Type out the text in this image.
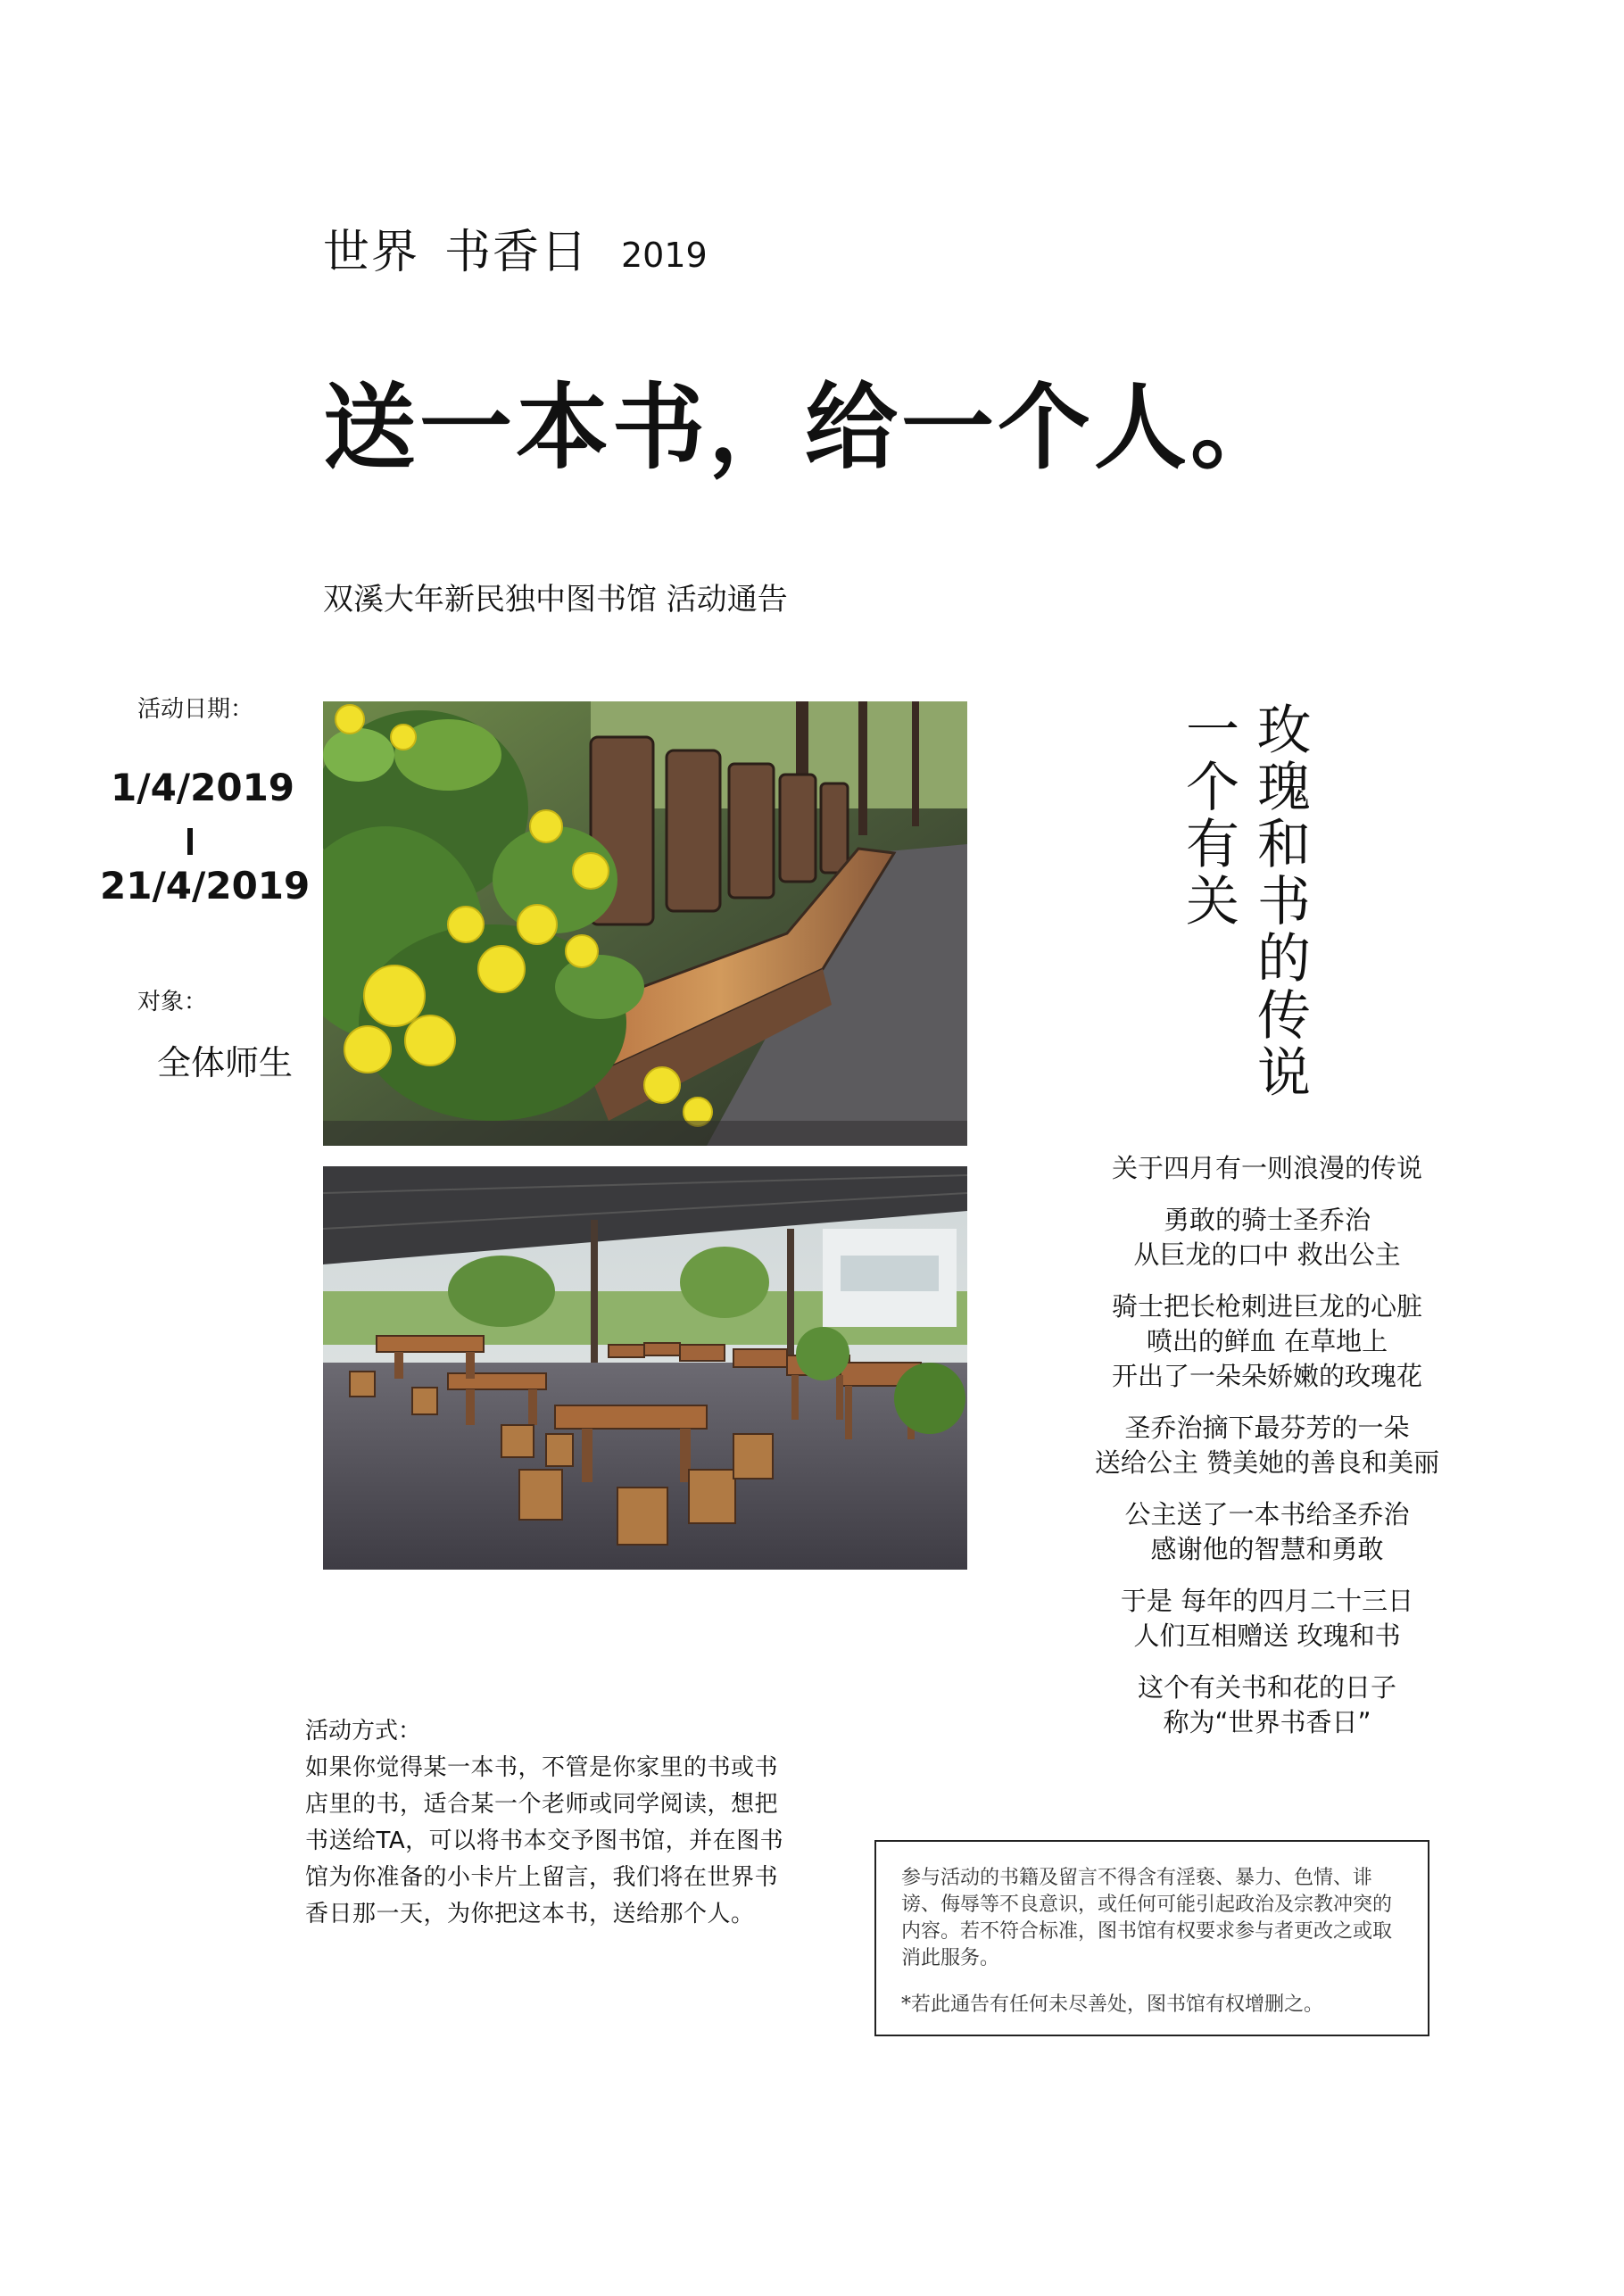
世界 书香日 2019
送一本书，给一个人。
双溪大年新民独中图书馆 活动通告
活动日期：
1/4/2019
21/4/2019
对象：
全体师生	玫瑰和书的传说
一个有关

关于四月有一则浪漫的传说

勇敢的骑士圣乔治
从巨龙的口中 救出公主

骑士把长枪刺进巨龙的心脏
喷出的鲜血 在草地上
开出了一朵朵娇嫩的玫瑰花

圣乔治摘下最芬芳的一朵
送给公主 赞美她的善良和美丽

公主送了一本书给圣乔治
感谢他的智慧和勇敢

于是 每年的四月二十三日
人们互相赠送 玫瑰和书

这个有关书和花的日子
称为“世界书香日”

活动方式：
如果你觉得某一本书，不管是你家里的书或书店里的书，适合某一个老师或同学阅读，想把书送给TA，可以将书本交予图书馆，并在图书馆为你准备的小卡片上留言，我们将在世界书香日那一天，为你把这本书，送给那个人。

参与活动的书籍及留言不得含有淫亵、暴力、色情、诽谤、侮辱等不良意识，或任何可能引起政治及宗教冲突的内容。若不符合标准，图书馆有权要求参与者更改之或取消此服务。

*若此通告有任何未尽善处，图书馆有权增删之。
